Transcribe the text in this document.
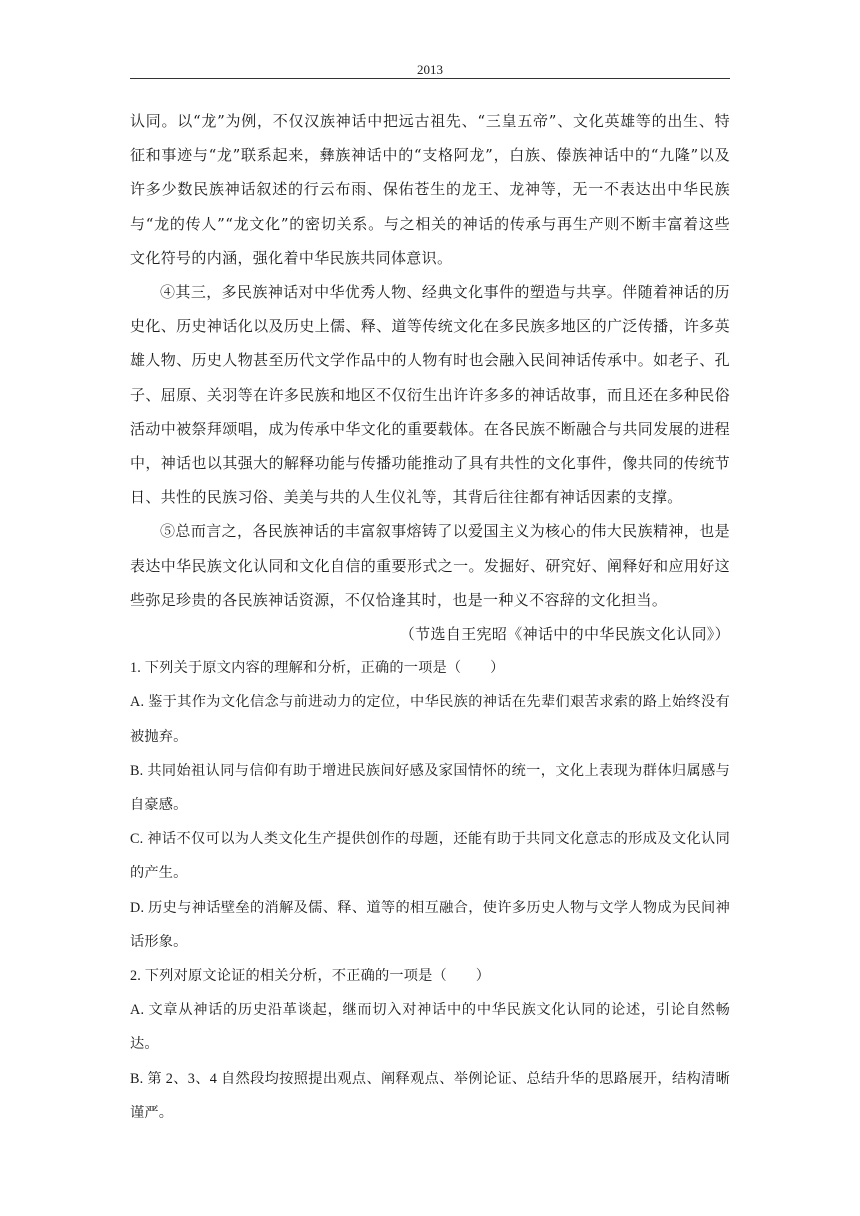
2013

认同。以“龙”为例，不仅汉族神话中把远古祖先、“三皇五帝”、文化英雄等的出生、特征和事迹与“龙”联系起来，彝族神话中的“支格阿龙”，白族、傣族神话中的“九隆”以及许多少数民族神话叙述的行云布雨、保佑苍生的龙王、龙神等，无一不表达出中华民族与“龙的传人”“龙文化”的密切关系。与之相关的神话的传承与再生产则不断丰富着这些文化符号的内涵，强化着中华民族共同体意识。

④其三，多民族神话对中华优秀人物、经典文化事件的塑造与共享。伴随着神话的历史化、历史神话化以及历史上儒、释、道等传统文化在多民族多地区的广泛传播，许多英雄人物、历史人物甚至历代文学作品中的人物有时也会融入民间神话传承中。如老子、孔子、屈原、关羽等在许多民族和地区不仅衍生出许许多多的神话故事，而且还在多种民俗活动中被祭拜颂唱，成为传承中华文化的重要载体。在各民族不断融合与共同发展的进程中，神话也以其强大的解释功能与传播功能推动了具有共性的文化事件，像共同的传统节日、共性的民族习俗、美美与共的人生仪礼等，其背后往往都有神话因素的支撑。

⑤总而言之，各民族神话的丰富叙事熔铸了以爱国主义为核心的伟大民族精神，也是表达中华民族文化认同和文化自信的重要形式之一。发掘好、研究好、阐释好和应用好这些弥足珍贵的各民族神话资源，不仅恰逢其时，也是一种义不容辞的文化担当。

（节选自王宪昭《神话中的中华民族文化认同》）

1. 下列关于原文内容的理解和分析，正确的一项是（　　）

A. 鉴于其作为文化信念与前进动力的定位，中华民族的神话在先辈们艰苦求索的路上始终没有被抛弃。

B. 共同始祖认同与信仰有助于增进民族间好感及家国情怀的统一，文化上表现为群体归属感与自豪感。

C. 神话不仅可以为人类文化生产提供创作的母题，还能有助于共同文化意志的形成及文化认同的产生。

D. 历史与神话壁垒的消解及儒、释、道等的相互融合，使许多历史人物与文学人物成为民间神话形象。

2. 下列对原文论证的相关分析，不正确的一项是（　　）

A. 文章从神话的历史沿革谈起，继而切入对神话中的中华民族文化认同的论述，引论自然畅达。

B. 第 2、3、4 自然段均按照提出观点、阐释观点、举例论证、总结升华的思路展开，结构清晰谨严。
